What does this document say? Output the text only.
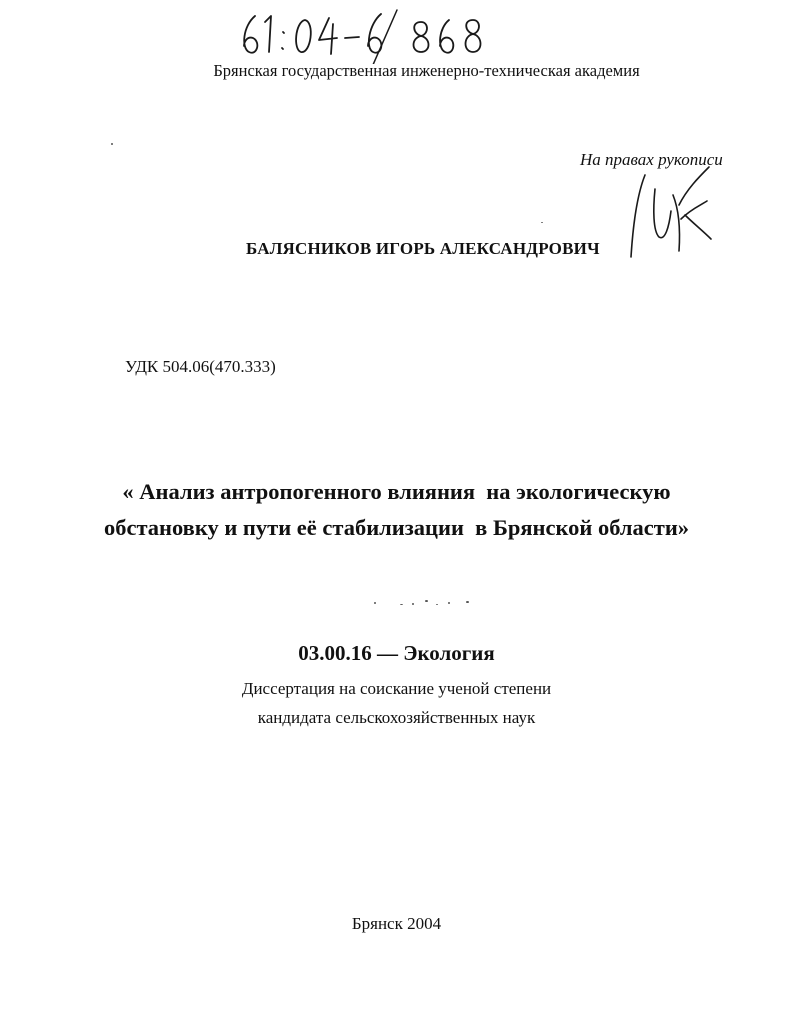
Брянская государственная инженерно-техническая академия
На правах рукописи
БАЛЯСНИКОВ ИГОРЬ АЛЕКСАНДРОВИЧ
УДК 504.06(470.333)
« Анализ антропогенного влияния  на экологическую
обстановку и пути её стабилизации  в Брянской области»
03.00.16 — Экология
Диссертация на соискание ученой степени
кандидата сельскохозяйственных наук
Брянск 2004
